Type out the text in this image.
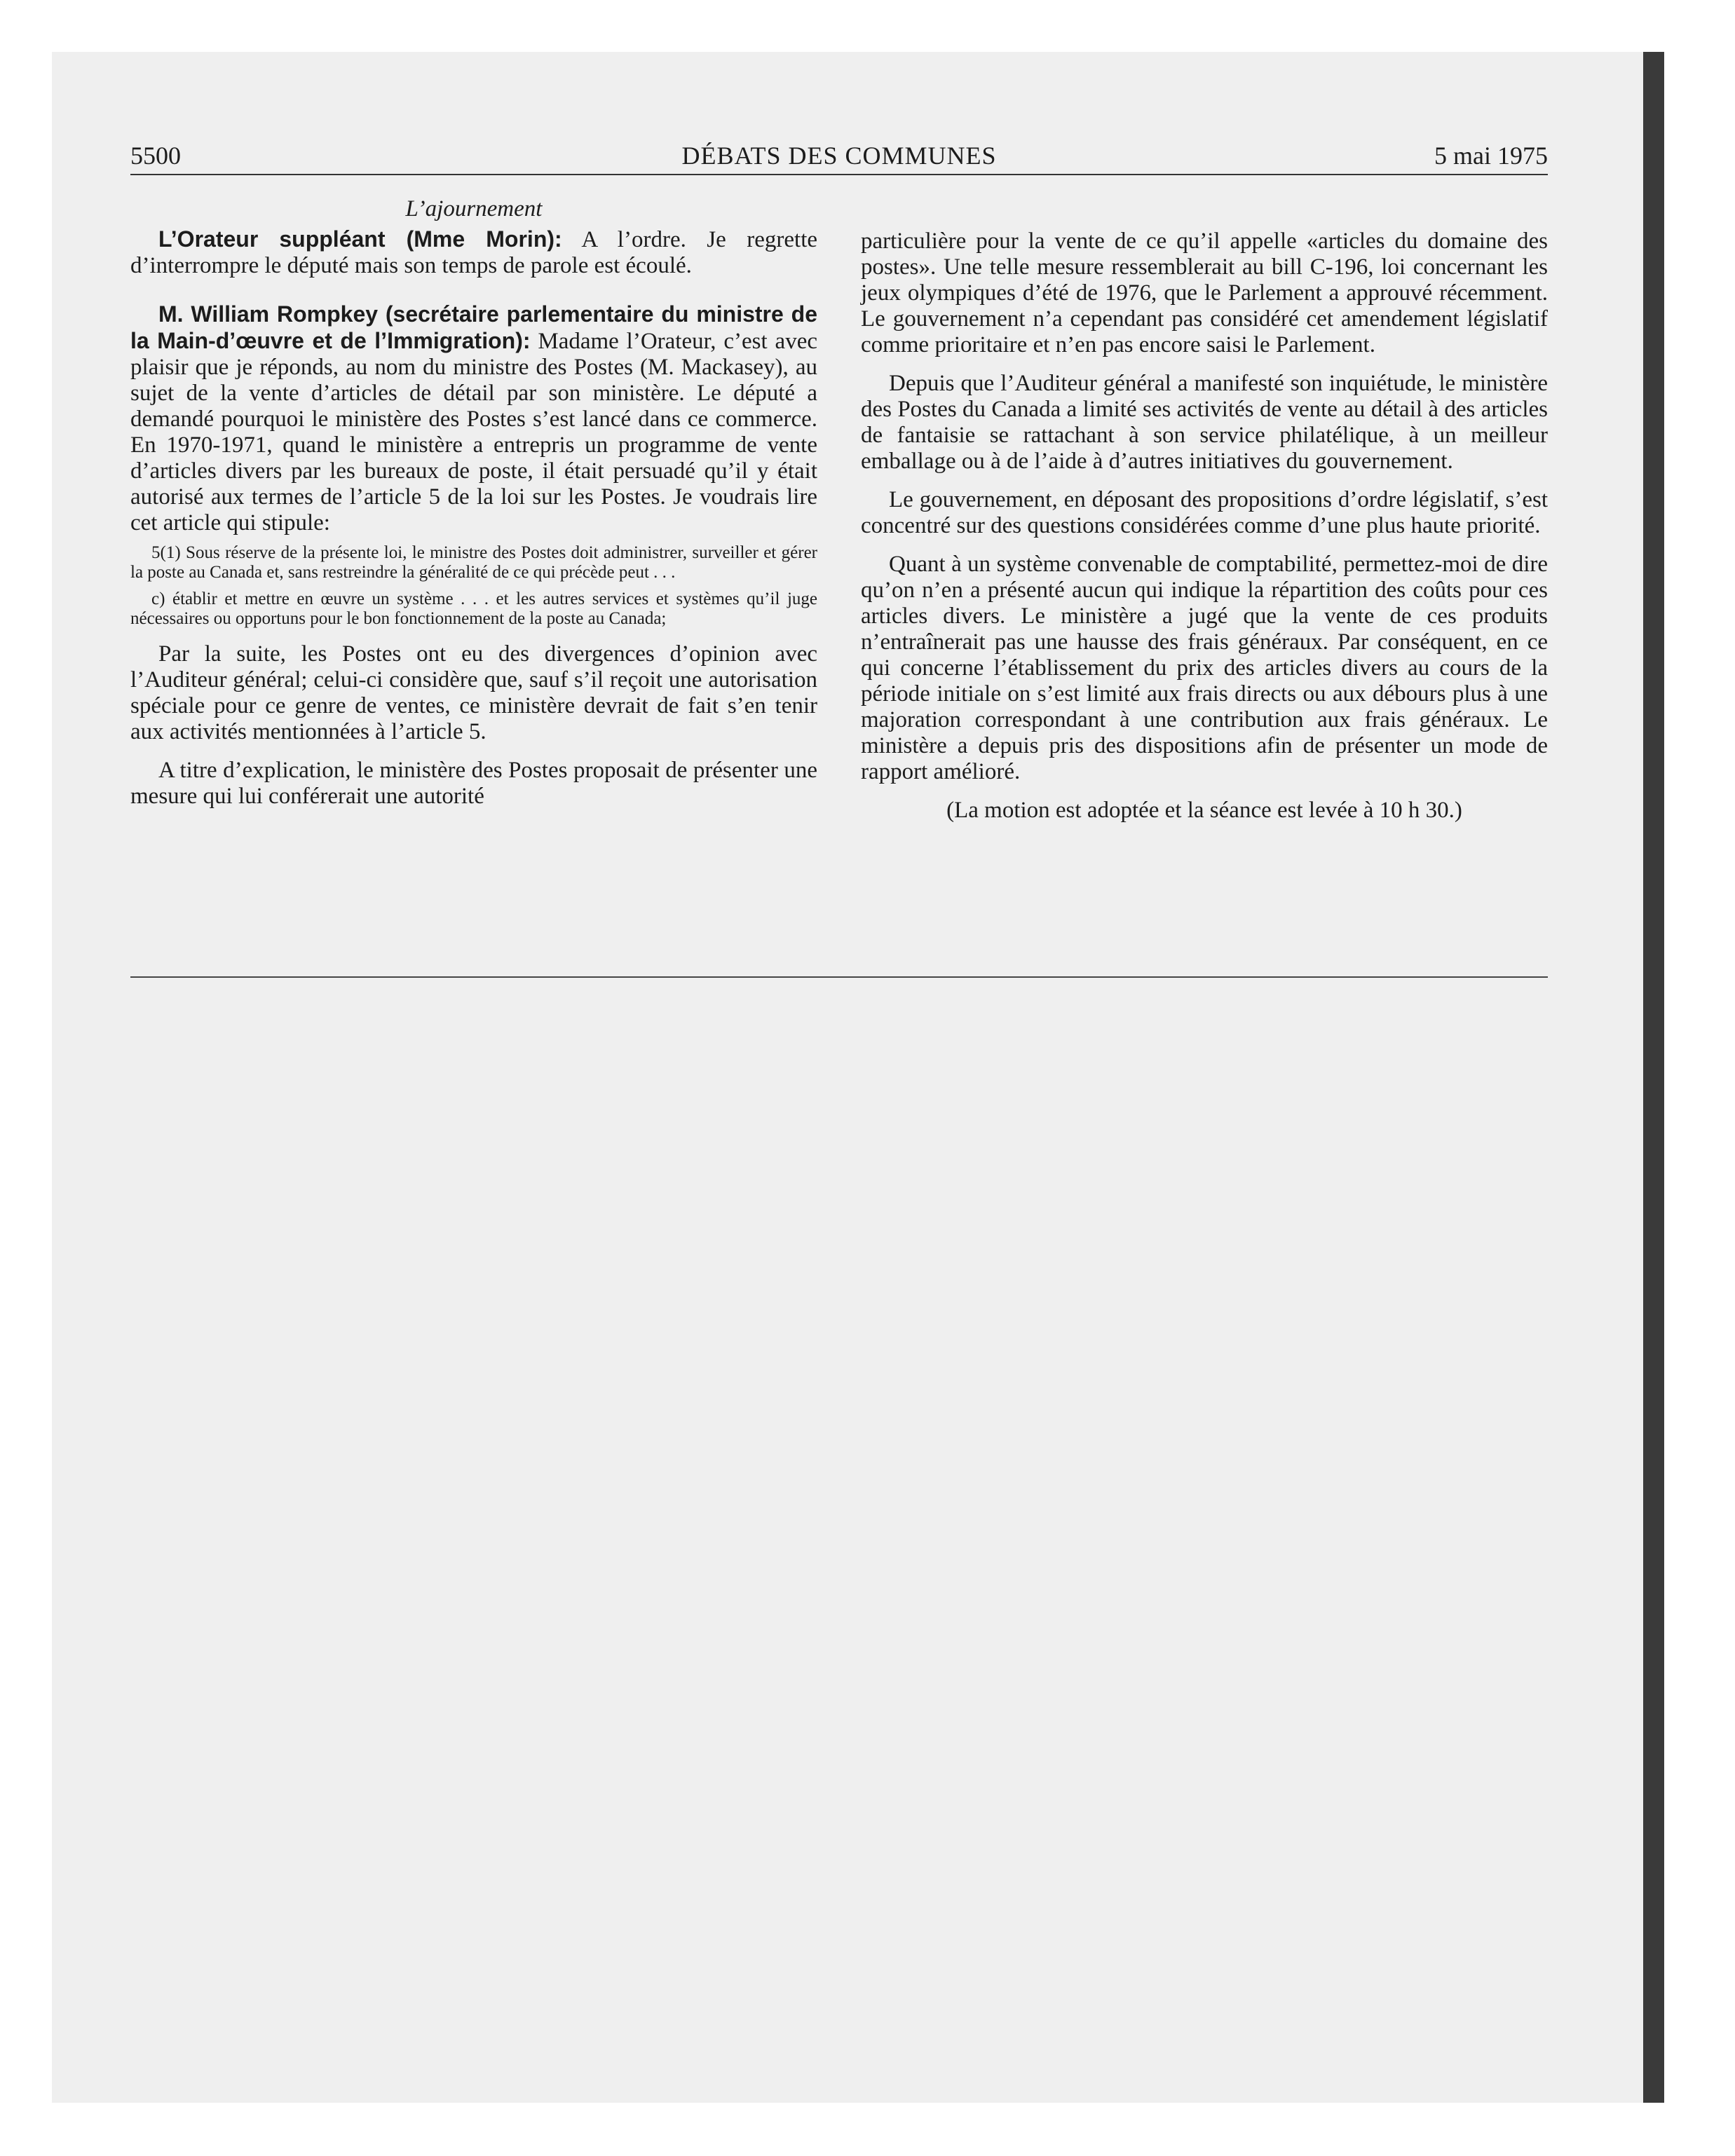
5500	DÉBATS DES COMMUNES	5 mai 1975
L’ajournement

L’Orateur suppléant (Mme Morin): A l’ordre. Je regrette d’interrompre le député mais son temps de parole est écoulé.

M. William Rompkey (secrétaire parlementaire du ministre de la Main-d’œuvre et de l’Immigration): Madame l’Orateur, c’est avec plaisir que je réponds, au nom du ministre des Postes (M. Mackasey), au sujet de la vente d’articles de détail par son ministère. Le député a demandé pourquoi le ministère des Postes s’est lancé dans ce commerce. En 1970-1971, quand le ministère a entrepris un programme de vente d’articles divers par les bureaux de poste, il était persuadé qu’il y était autorisé aux termes de l’article 5 de la loi sur les Postes. Je voudrais lire cet article qui stipule:

5(1) Sous réserve de la présente loi, le ministre des Postes doit administrer, surveiller et gérer la poste au Canada et, sans restreindre la généralité de ce qui précède peut . . .

c) établir et mettre en œuvre un système . . . et les autres services et systèmes qu’il juge nécessaires ou opportuns pour le bon fonctionnement de la poste au Canada;

Par la suite, les Postes ont eu des divergences d’opinion avec l’Auditeur général; celui-ci considère que, sauf s’il reçoit une autorisation spéciale pour ce genre de ventes, ce ministère devrait de fait s’en tenir aux activités mentionnées à l’article 5.

A titre d’explication, le ministère des Postes proposait de présenter une mesure qui lui conférerait une autorité

particulière pour la vente de ce qu’il appelle «articles du domaine des postes». Une telle mesure ressemblerait au bill C-196, loi concernant les jeux olympiques d’été de 1976, que le Parlement a approuvé récemment. Le gouvernement n’a cependant pas considéré cet amendement législatif comme prioritaire et n’en pas encore saisi le Parlement.

Depuis que l’Auditeur général a manifesté son inquiétude, le ministère des Postes du Canada a limité ses activités de vente au détail à des articles de fantaisie se rattachant à son service philatélique, à un meilleur emballage ou à de l’aide à d’autres initiatives du gouvernement.

Le gouvernement, en déposant des propositions d’ordre législatif, s’est concentré sur des questions considérées comme d’une plus haute priorité.

Quant à un système convenable de comptabilité, permettez-moi de dire qu’on n’en a présenté aucun qui indique la répartition des coûts pour ces articles divers. Le ministère a jugé que la vente de ces produits n’entraînerait pas une hausse des frais généraux. Par conséquent, en ce qui concerne l’établissement du prix des articles divers au cours de la période initiale on s’est limité aux frais directs ou aux débours plus à une majoration correspondant à une contribution aux frais généraux. Le ministère a depuis pris des dispositions afin de présenter un mode de rapport amélioré.

(La motion est adoptée et la séance est levée à 10 h 30.)
